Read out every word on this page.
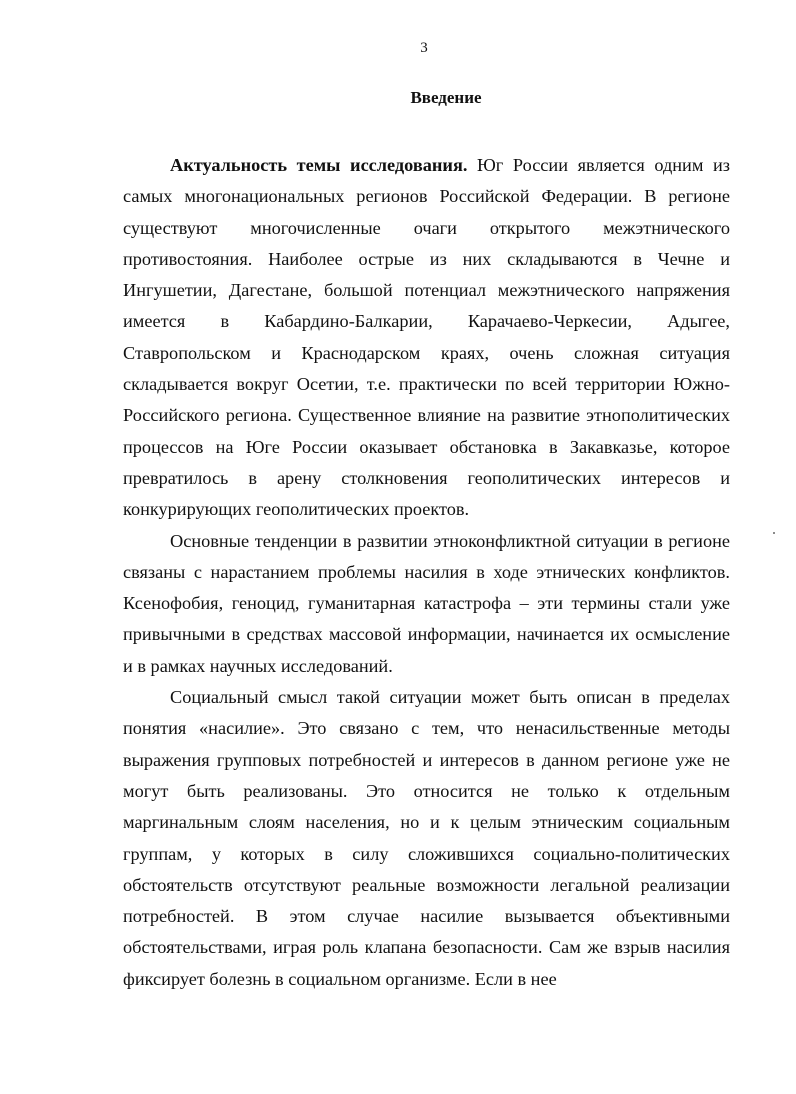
3
Введение

Актуальность темы исследования. Юг России является одним из самых многонациональных регионов Российской Федерации. В регионе существуют многочисленные очаги открытого межэтнического противостояния. Наиболее острые из них складываются в Чечне и Ингушетии, Дагестане, большой потенциал межэтнического напряжения имеется в Кабардино-Балкарии, Карачаево-Черкесии, Адыгее, Ставропольском и Краснодарском краях, очень сложная ситуация складывается вокруг Осетии, т.е. практически по всей территории Южно-Российского региона. Существенное влияние на развитие этнополитических процессов на Юге России оказывает обстановка в Закавказье, которое превратилось в арену столкновения геополитических интересов и конкурирующих геополитических проектов.

Основные тенденции в развитии этноконфликтной ситуации в регионе связаны с нарастанием проблемы насилия в ходе этнических конфликтов. Ксенофобия, геноцид, гуманитарная катастрофа – эти термины стали уже привычными в средствах массовой информации, начинается их осмысление и в рамках научных исследований.

Социальный смысл такой ситуации может быть описан в пределах понятия «насилие». Это связано с тем, что ненасильственные методы выражения групповых потребностей и интересов в данном регионе уже не могут быть реализованы. Это относится не только к отдельным маргинальным слоям населения, но и к целым этническим социальным группам, у которых в силу сложившихся социально-политических обстоятельств отсутствуют реальные возможности легальной реализации потребностей. В этом случае насилие вызывается объективными обстоятельствами, играя роль клапана безопасности. Сам же взрыв насилия фиксирует болезнь в социальном организме. Если в нее
